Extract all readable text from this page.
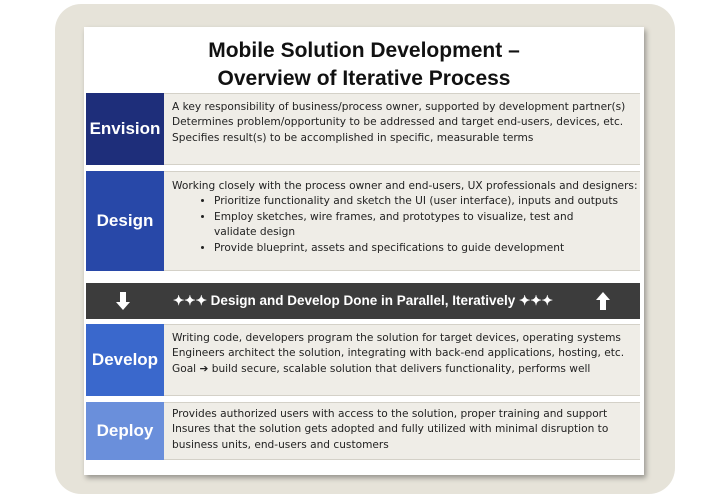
Mobile Solution Development –
Overview of Iterative Process
Envision

A key responsibility of business/process owner, supported by development partner(s)

Determines problem/opportunity to be addressed and target end-users, devices, etc.

Specifies result(s) to be accomplished in specific, measurable terms

Design

Working closely with the process owner and end-users, UX professionals and designers:

• Prioritize functionality and sketch the UI (user interface), inputs and outputs
• Employ sketches, wire frames, and prototypes to visualize, test and validate design
• Provide blueprint, assets and specifications to guide development
✦✦✦ Design and Develop Done in Parallel, Iteratively ✦✦✦
Develop

Writing code, developers program the solution for target devices, operating systems

Engineers architect the solution, integrating with back-end applications, hosting, etc.

Goal ➔ build secure, scalable solution that delivers functionality, performs well

Deploy

Provides authorized users with access to the solution, proper training and support

Insures that the solution gets adopted and fully utilized with minimal disruption to

business units, end-users and customers
